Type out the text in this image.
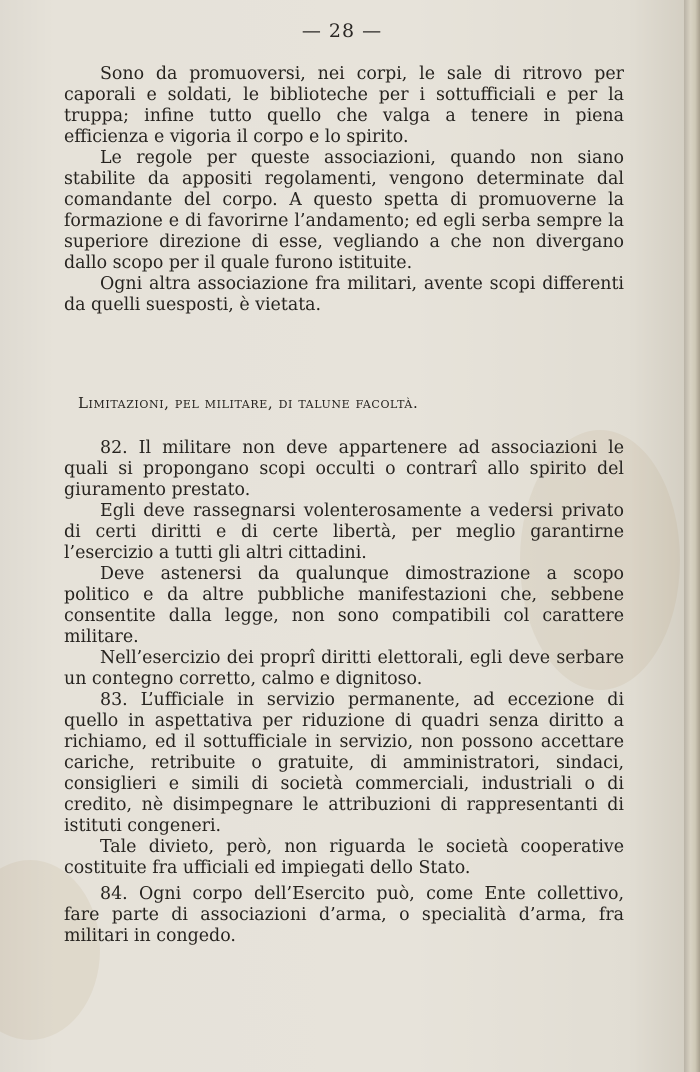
— 28 —

Sono da promuoversi, nei corpi, le sale di ritrovo per caporali e soldati, le biblioteche per i sottufficiali e per la truppa; infine tutto quello che valga a tenere in piena efficienza e vigoria il corpo e lo spirito.

Le regole per queste associazioni, quando non siano stabilite da appositi regolamenti, vengono determinate dal comandante del corpo. A questo spetta di promuoverne la formazione e di favorirne l’andamento; ed egli serba sempre la superiore direzione di esse, vegliando a che non divergano dallo scopo per il quale furono istituite.

Ogni altra associazione fra militari, avente scopi differenti da quelli suesposti, è vietata.

Limitazioni, pel militare, di talune facoltà.

82. Il militare non deve appartenere ad associazioni le quali si propongano scopi occulti o contrarî allo spirito del giuramento prestato.

Egli deve rassegnarsi volenterosamente a vedersi privato di certi diritti e di certe libertà, per meglio garantirne l’esercizio a tutti gli altri cittadini.

Deve astenersi da qualunque dimostrazione a scopo politico e da altre pubbliche manifestazioni che, sebbene consentite dalla legge, non sono compatibili col carattere militare.

Nell’esercizio dei proprî diritti elettorali, egli deve serbare un contegno corretto, calmo e dignitoso.

83. L’ufficiale in servizio permanente, ad eccezione di quello in aspettativa per riduzione di quadri senza diritto a richiamo, ed il sottufficiale in servizio, non possono accettare cariche, retribuite o gratuite, di amministratori, sindaci, consiglieri e simili di società commerciali, industriali o di credito, nè disimpegnare le attribuzioni di rappresentanti di istituti congeneri.

Tale divieto, però, non riguarda le società cooperative costituite fra ufficiali ed impiegati dello Stato.

84. Ogni corpo dell’Esercito può, come Ente collettivo, fare parte di associazioni d’arma, o specialità d’arma, fra militari in congedo.
